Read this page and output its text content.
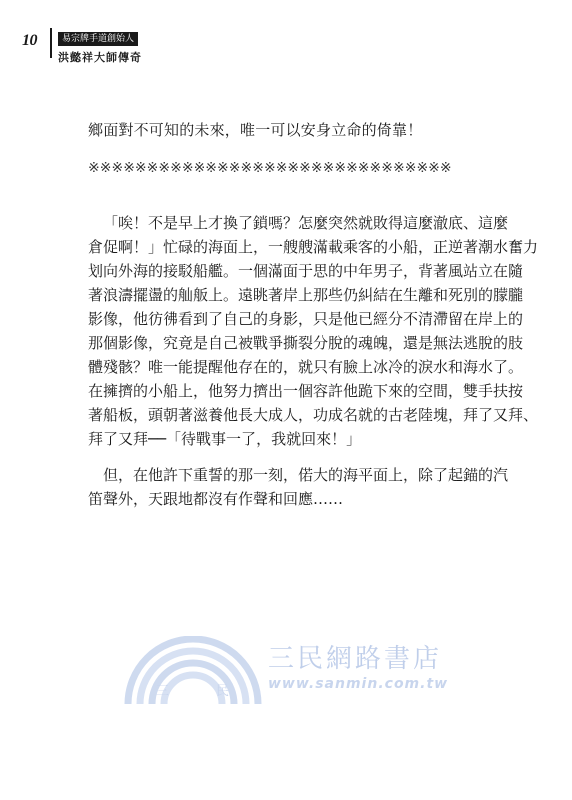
10	易宗牌手道創始人
洪懿祥大師傳奇
鄉面對不可知的未來，唯一可以安身立命的倚靠！
※※※※※※※※※※※※※※※※※※※※※※※※※※※※※※※
「唉！不是早上才換了鎖嗎？怎麼突然就敗得這麼澈底、這麼
倉促啊！」忙碌的海面上，一艘艘滿載乘客的小船，正逆著潮水奮力
划向外海的接駁船艦。一個滿面于思的中年男子，背著風站立在隨
著浪濤擺盪的舢舨上。遠眺著岸上那些仍糾結在生離和死別的朦朧
影像，他彷彿看到了自己的身影，只是他已經分不清滯留在岸上的
那個影像，究竟是自己被戰爭撕裂分脫的魂魄，還是無法逃脫的肢
體殘骸？唯一能提醒他存在的，就只有臉上冰冷的淚水和海水了。
在擁擠的小船上，他努力擠出一個容許他跪下來的空間，雙手扶按
著船板，頭朝著滋養他長大成人，功成名就的古老陸塊，拜了又拜、
拜了又拜──「待戰事一了，我就回來！」
　但，在他許下重誓的那一刻，偌大的海平面上，除了起錨的汽
笛聲外，天跟地都沒有作聲和回應……
三	民
三民網路書店
www.sanmin.com.tw
